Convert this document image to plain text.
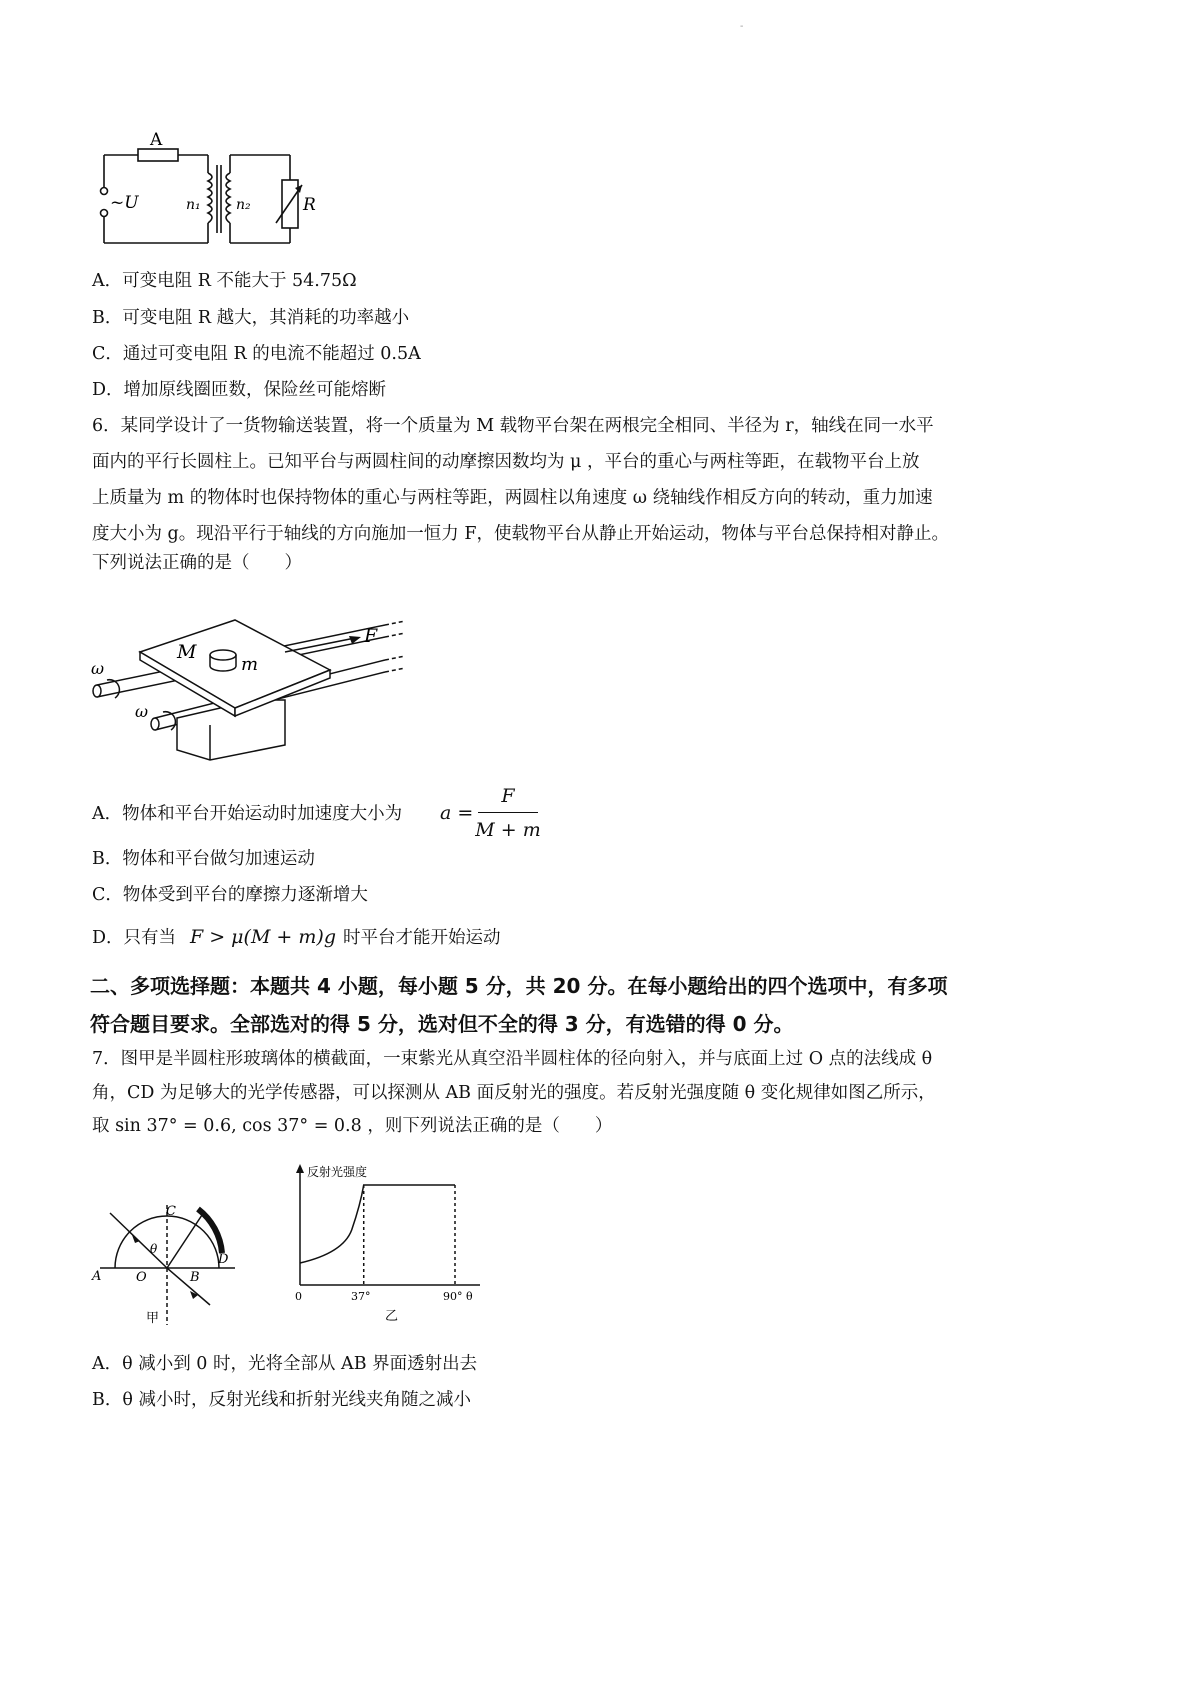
-
A
~U	n₁	n₂	R
A．可变电阻 R 不能大于 54.75Ω
B．可变电阻 R 越大，其消耗的功率越小
C．通过可变电阻 R 的电流不能超过 0.5A
D．增加原线圈匝数，保险丝可能熔断
6．某同学设计了一货物输送装置，将一个质量为 M 载物平台架在两根完全相同、半径为 r，轴线在同一水平
面内的平行长圆柱上。已知平台与两圆柱间的动摩擦因数均为 μ ，平台的重心与两柱等距，在载物平台上放
上质量为 m 的物体时也保持物体的重心与两柱等距，两圆柱以角速度 ω 绕轴线作相反方向的转动，重力加速
度大小为 g。现沿平行于轴线的方向施加一恒力 F，使载物平台从静止开始运动，物体与平台总保持相对静止。
下列说法正确的是（　　）
M
m
F
ω
ω
A．物体和平台开始运动时加速度大小为 a =
F
M + m
B．物体和平台做匀加速运动
C．物体受到平台的摩擦力逐渐增大
D．只有当 F > μ(M + m)g 时平台才能开始运动
二、多项选择题：本题共 4 小题，每小题 5 分，共 20 分。在每小题给出的四个选项中，有多项
符合题目要求。全部选对的得 5 分，选对但不全的得 3 分，有选错的得 0 分。
7．图甲是半圆柱形玻璃体的横截面，一束紫光从真空沿半圆柱体的径向射入，并与底面上过 O 点的法线成 θ
角，CD 为足够大的光学传感器，可以探测从 AB 面反射光的强度。若反射光强度随 θ 变化规律如图乙所示，
取 sin 37° = 0.6, cos 37° = 0.8 ，则下列说法正确的是（　　）
A	B
C
D
O
θ
甲
反射光强度
0	37°	90° θ
乙
A．θ 减小到 0 时，光将全部从 AB 界面透射出去
B．θ 减小时，反射光线和折射光线夹角随之减小
